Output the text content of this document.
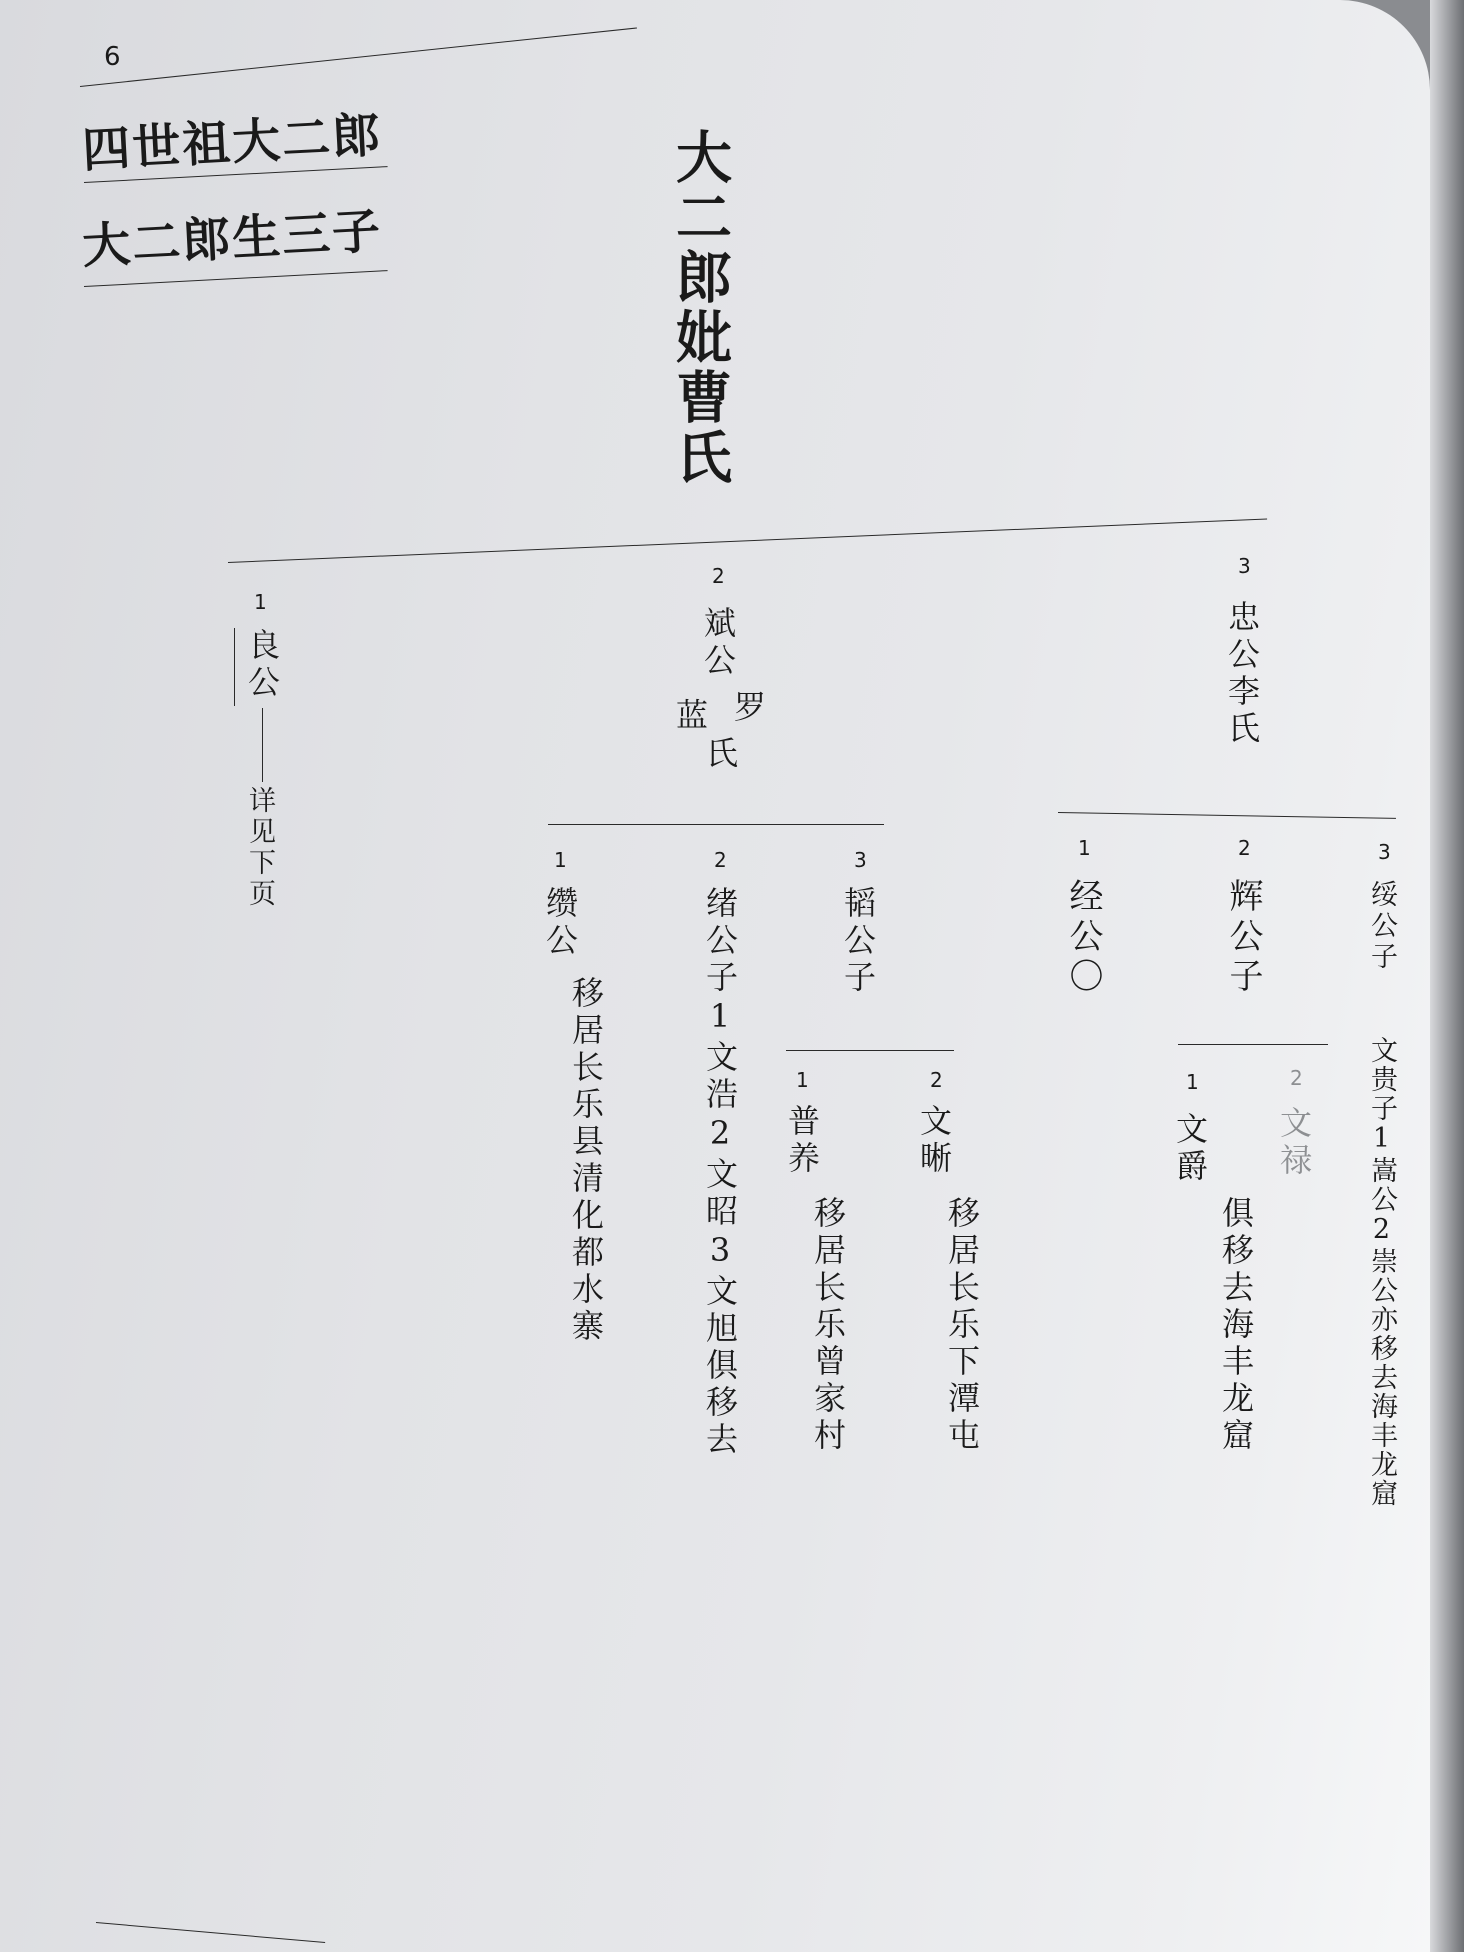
6
四世祖大二郎
大二郎生三子	大二郎妣曹氏
1
良公
详见下页
2
斌公
罗
蓝
氏
3
忠公李氏
1
缵公
移居长乐县清化都水寨
2
绪公子1文浩2文昭3文旭俱移去
3
韬公子
1
普养
移居长乐曾家村
2
文晰
移居长乐下潭屯
1
经公〇
2
辉公子
3
绥公子
文贵子1嵩公2崇公亦移去海丰龙窟
1
文爵
2
文禄
俱移去海丰龙窟
